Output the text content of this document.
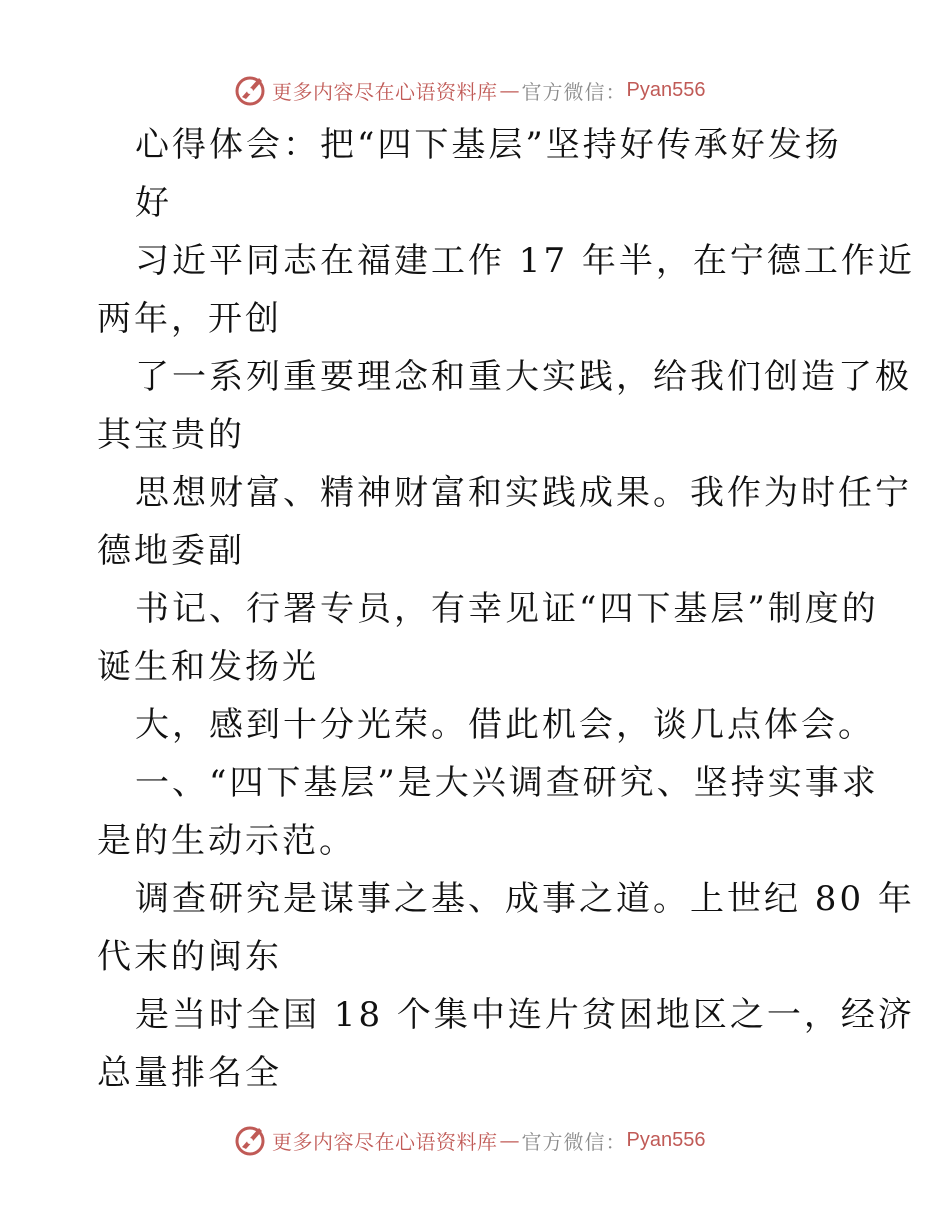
更多内容尽在心语资料库 — 官方微信： Pyan556
心得体会：把“四下基层”坚持好传承好发扬
好
习近平同志在福建工作 17 年半，在宁德工作近
两年，开创
了一系列重要理念和重大实践，给我们创造了极
其宝贵的
思想财富、精神财富和实践成果。我作为时任宁
德地委副
书记、行署专员，有幸见证“四下基层”制度的
诞生和发扬光
大，感到十分光荣。借此机会，谈几点体会。
一、“四下基层”是大兴调查研究、坚持实事求
是的生动示范。
调查研究是谋事之基、成事之道。上世纪 80 年
代末的闽东
是当时全国 18 个集中连片贫困地区之一，经济
总量排名全
更多内容尽在心语资料库 — 官方微信： Pyan556
